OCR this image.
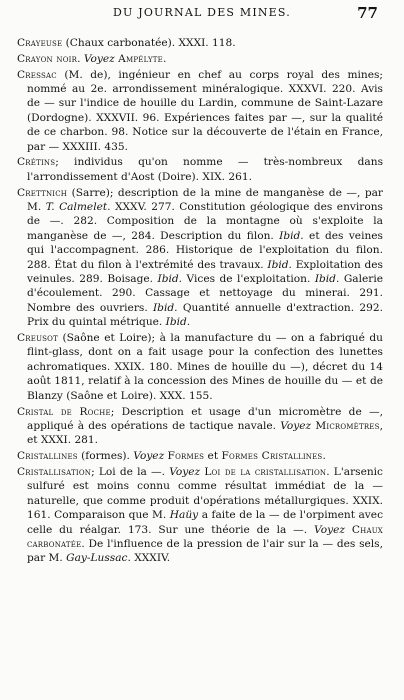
DU JOURNAL DES MINES.	77

Crayeuse (Chaux carbonatée). XXXI. 118.

Crayon noir. Voyez Ampélyte.

Cressac (M. de), ingénieur en chef au corps royal des mines; nommé au 2e. arrondissement minéralogique. XXXVI. 220. Avis de — sur l'indice de houille du Lardin, commune de Saint-Lazare (Dordogne). XXXVII. 96. Expériences faites par —, sur la qualité de ce charbon. 98. Notice sur la découverte de l'étain en France, par — XXXIII. 435.

Crétins; individus qu'on nomme — très-nombreux dans l'arrondissement d'Aost (Doire). XIX. 261.

Crettnich (Sarre); description de la mine de manganèse de —, par M. T. Calmelet. XXXV. 277. Constitution géologique des environs de —. 282. Composition de la montagne où s'exploite la manganèse de —, 284. Description du filon. Ibid. et des veines qui l'accompagnent. 286. Historique de l'exploitation du filon. 288. État du filon à l'extrémité des travaux. Ibid. Exploitation des veinules. 289. Boisage. Ibid. Vices de l'exploitation. Ibid. Galerie d'écoulement. 290. Cassage et nettoyage du minerai. 291. Nombre des ouvriers. Ibid. Quantité annuelle d'extraction. 292. Prix du quintal métrique. Ibid.

Creusot (Saône et Loire); à la manufacture du — on a fabriqué du flint-glass, dont on a fait usage pour la confection des lunettes achromatiques. XXIX. 180. Mines de houille du —), décret du 14 août 1811, relatif à la concession des Mines de houille du — et de Blanzy (Saône et Loire). XXX. 155.

Cristal de Roche; Description et usage d'un micromètre de —, appliqué à des opérations de tactique navale. Voyez Micromètres, et XXXI. 281.

Cristallines (formes). Voyez Formes et Formes Cristallines.

Cristallisation; Loi de la —. Voyez Loi de la cristallisation. L'arsenic sulfuré est moins connu comme résultat immédiat de la — naturelle, que comme produit d'opérations métallurgiques. XXIX. 161. Comparaison que M. Haüy a faite de la — de l'orpiment avec celle du réalgar. 173. Sur une théorie de la —. Voyez Chaux carbonatée. De l'influence de la pression de l'air sur la — des sels, par M. Gay-Lussac. XXXIV.
